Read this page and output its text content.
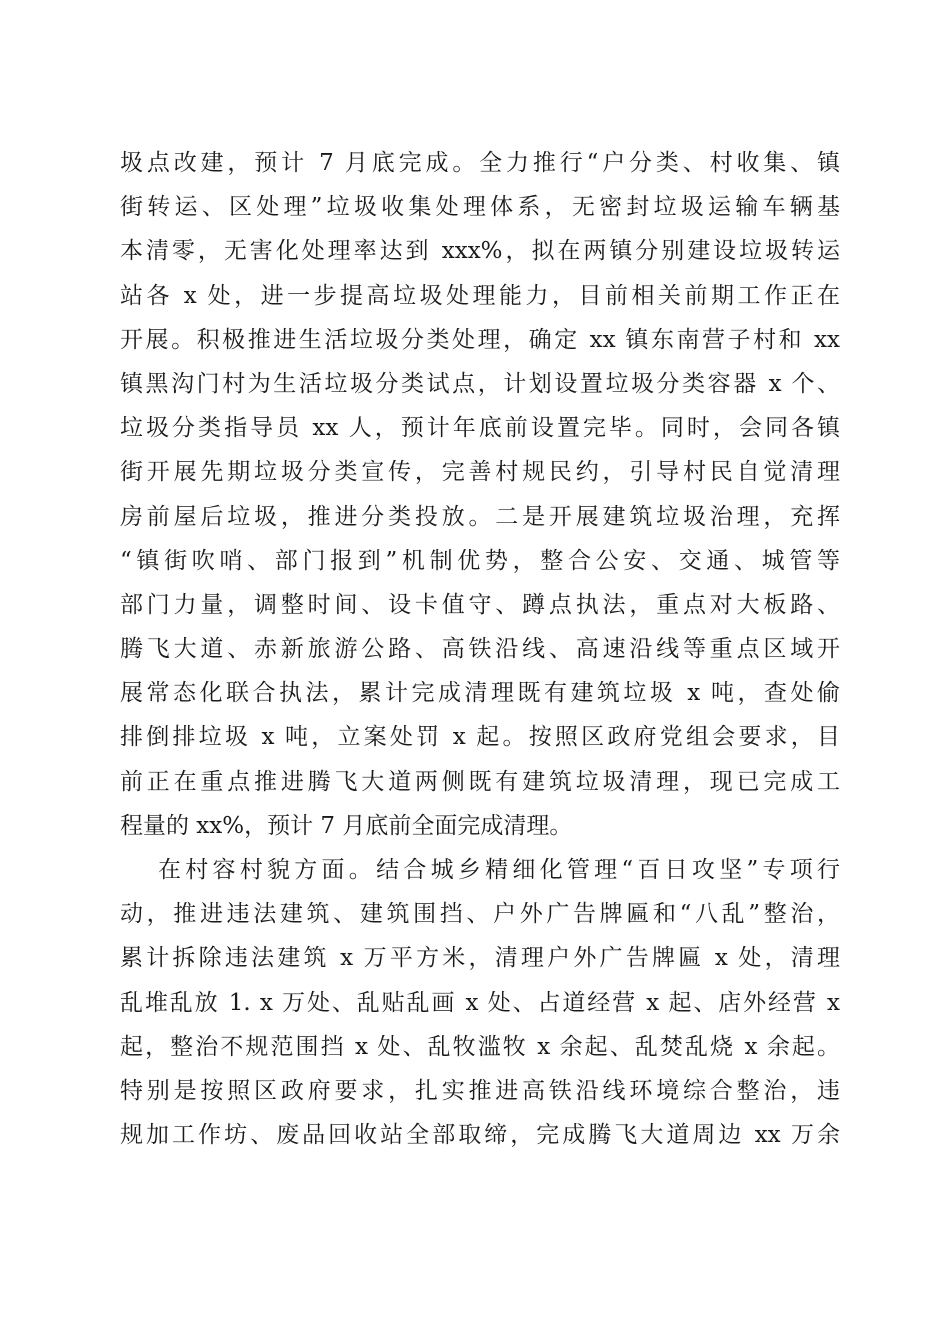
圾点改建，预计 7 月底完成。全力推行“户分类、村收集、镇
街转运、区处理”垃圾收集处理体系，无密封垃圾运输车辆基
本清零，无害化处理率达到 xxx%，拟在两镇分别建设垃圾转运
站各 x 处，进一步提高垃圾处理能力，目前相关前期工作正在
开展。积极推进生活垃圾分类处理，确定 xx 镇东南营子村和 xx
镇黑沟门村为生活垃圾分类试点，计划设置垃圾分类容器 x 个、
垃圾分类指导员 xx 人，预计年底前设置完毕。同时，会同各镇
街开展先期垃圾分类宣传，完善村规民约，引导村民自觉清理
房前屋后垃圾，推进分类投放。二是开展建筑垃圾治理，充挥
“镇街吹哨、部门报到”机制优势，整合公安、交通、城管等
部门力量，调整时间、设卡值守、蹲点执法，重点对大板路、
腾飞大道、赤新旅游公路、高铁沿线、高速沿线等重点区域开
展常态化联合执法，累计完成清理既有建筑垃圾 x 吨，查处偷
排倒排垃圾 x 吨，立案处罚 x 起。按照区政府党组会要求，目
前正在重点推进腾飞大道两侧既有建筑垃圾清理，现已完成工
程量的 xx%，预计 7 月底前全面完成清理。
在村容村貌方面。结合城乡精细化管理“百日攻坚”专项行
动，推进违法建筑、建筑围挡、户外广告牌匾和“八乱”整治，
累计拆除违法建筑 x 万平方米，清理户外广告牌匾 x 处，清理
乱堆乱放 1. x 万处、乱贴乱画 x 处、占道经营 x 起、店外经营 x
起，整治不规范围挡 x 处、乱牧滥牧 x 余起、乱焚乱烧 x 余起。
特别是按照区政府要求，扎实推进高铁沿线环境综合整治，违
规加工作坊、废品回收站全部取缔，完成腾飞大道周边 xx 万余
